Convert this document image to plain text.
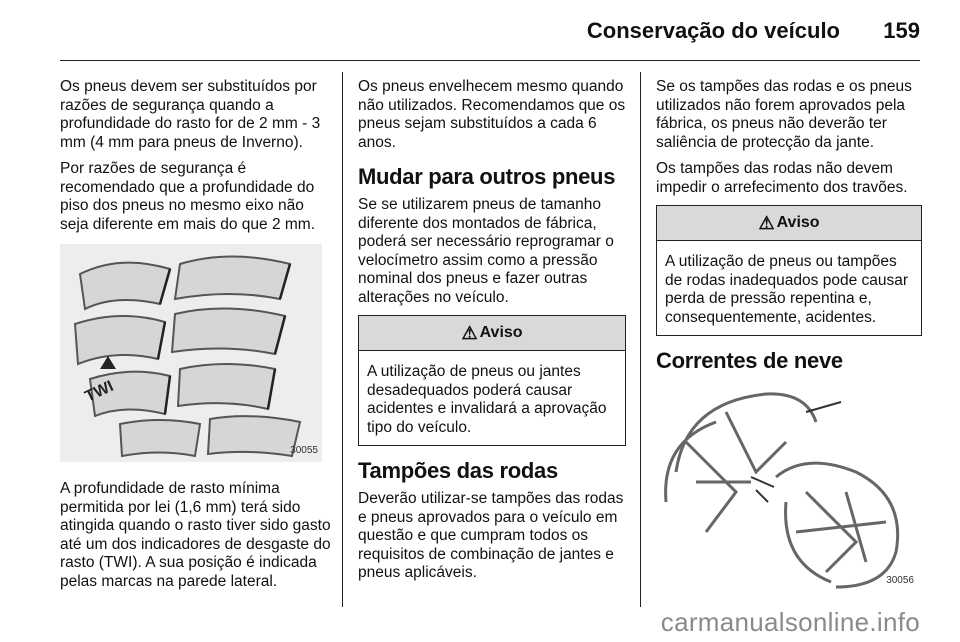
Conservação do veículo 159

Os pneus devem ser substituídos por razões de segurança quando a profundidade do rasto for de 2 mm - 3 mm (4 mm para pneus de Inverno).

Por razões de segurança é recomendado que a profundidade do piso dos pneus no mesmo eixo não seja diferente em mais do que 2 mm.

TWI
30055

A profundidade de rasto mínima permitida por lei (1,6 mm) terá sido atingida quando o rasto tiver sido gasto até um dos indicadores de desgaste do rasto (TWI). A sua posição é indicada pelas marcas na parede lateral.

Os pneus envelhecem mesmo quando não utilizados. Recomendamos que os pneus sejam substituídos a cada 6 anos.

Mudar para outros pneus

Se se utilizarem pneus de tamanho diferente dos montados de fábrica, poderá ser necessário reprogramar o velocímetro assim como a pressão nominal dos pneus e fazer outras alterações no veículo.

⚠ Aviso
A utilização de pneus ou jantes desadequados poderá causar acidentes e invalidará a aprovação tipo do veículo.
Tampões das rodas

Deverão utilizar-se tampões das rodas e pneus aprovados para o veículo em questão e que cumpram todos os requisitos de combinação de jantes e pneus aplicáveis.

Se os tampões das rodas e os pneus utilizados não forem aprovados pela fábrica, os pneus não deverão ter saliência de protecção da jante.

Os tampões das rodas não devem impedir o arrefecimento dos travões.

⚠ Aviso
A utilização de pneus ou tampões de rodas inadequados pode causar perda de pressão repentina e, consequentemente, acidentes.
Correntes de neve
30056
carmanualsonline.info
